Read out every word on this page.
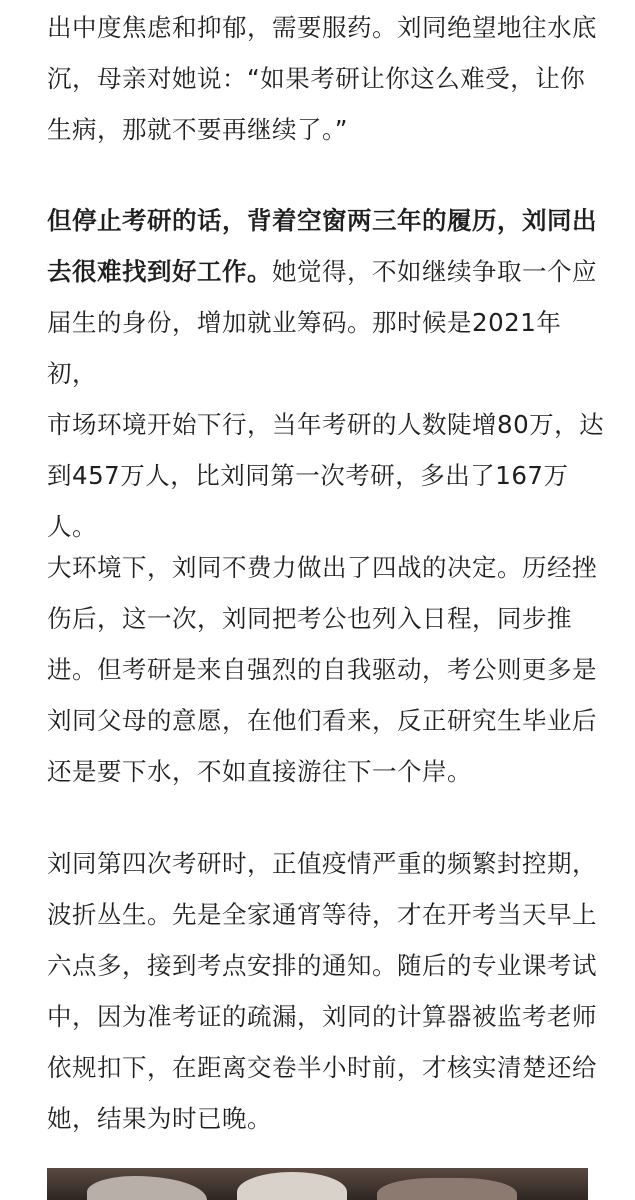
出中度焦虑和抑郁，需要服药。刘同绝望地往水底
沉，母亲对她说：“如果考研让你这么难受，让你
生病，那就不要再继续了。”
但停止考研的话，背着空窗两三年的履历，刘同出
去很难找到好工作。她觉得，不如继续争取一个应
届生的身份，增加就业筹码。那时候是2021年初，
市场环境开始下行，当年考研的人数陡增80万，达
到457万人，比刘同第一次考研，多出了167万
人。
大环境下，刘同不费力做出了四战的决定。历经挫
伤后，这一次，刘同把考公也列入日程，同步推
进。但考研是来自强烈的自我驱动，考公则更多是
刘同父母的意愿，在他们看来，反正研究生毕业后
还是要下水，不如直接游往下一个岸。
刘同第四次考研时，正值疫情严重的频繁封控期，
波折丛生。先是全家通宵等待，才在开考当天早上
六点多，接到考点安排的通知。随后的专业课考试
中，因为准考证的疏漏，刘同的计算器被监考老师
依规扣下，在距离交卷半小时前，才核实清楚还给
她，结果为时已晚。
